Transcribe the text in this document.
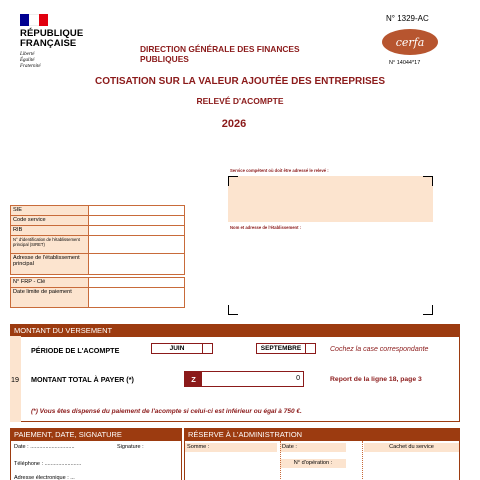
RÉPUBLIQUE
FRANÇAISE
Liberté
Égalité
Fraternité
DIRECTION GÉNÉRALE DES FINANCES PUBLIQUES
N° 1329-AC
cerfa
N° 14044*17
COTISATION SUR LA VALEUR AJOUTÉE DES ENTREPRISES
RELEVÉ D'ACOMPTE
2026
SIE
Code service
RIB
N° d'identification de l'établissement principal (SIRET)
Adresse de l'établissement principal
N° FRP - Clé
Date limite de paiement
Service compétent où doit être adressé le relevé :
Nom et adresse de l'établissement :
MONTANT DU VERSEMENT
PÉRIODE DE L'ACOMPTE	JUIN	SEPTEMBRE	Cochez la case correspondante
19 MONTANT TOTAL À PAYER (*)	Z	0	Report de la ligne 18, page 3
(*) Vous êtes dispensé du paiement de l'acompte si celui-ci est inférieur ou égal à 750 €.
PAIEMENT, DATE, SIGNATURE	RÉSERVE À L'ADMINISTRATION
Date : .............................	Signature :
Téléphone : ........................
Adresse électronique : ...
Somme :	Date :	Cachet du service
N° d'opération :
